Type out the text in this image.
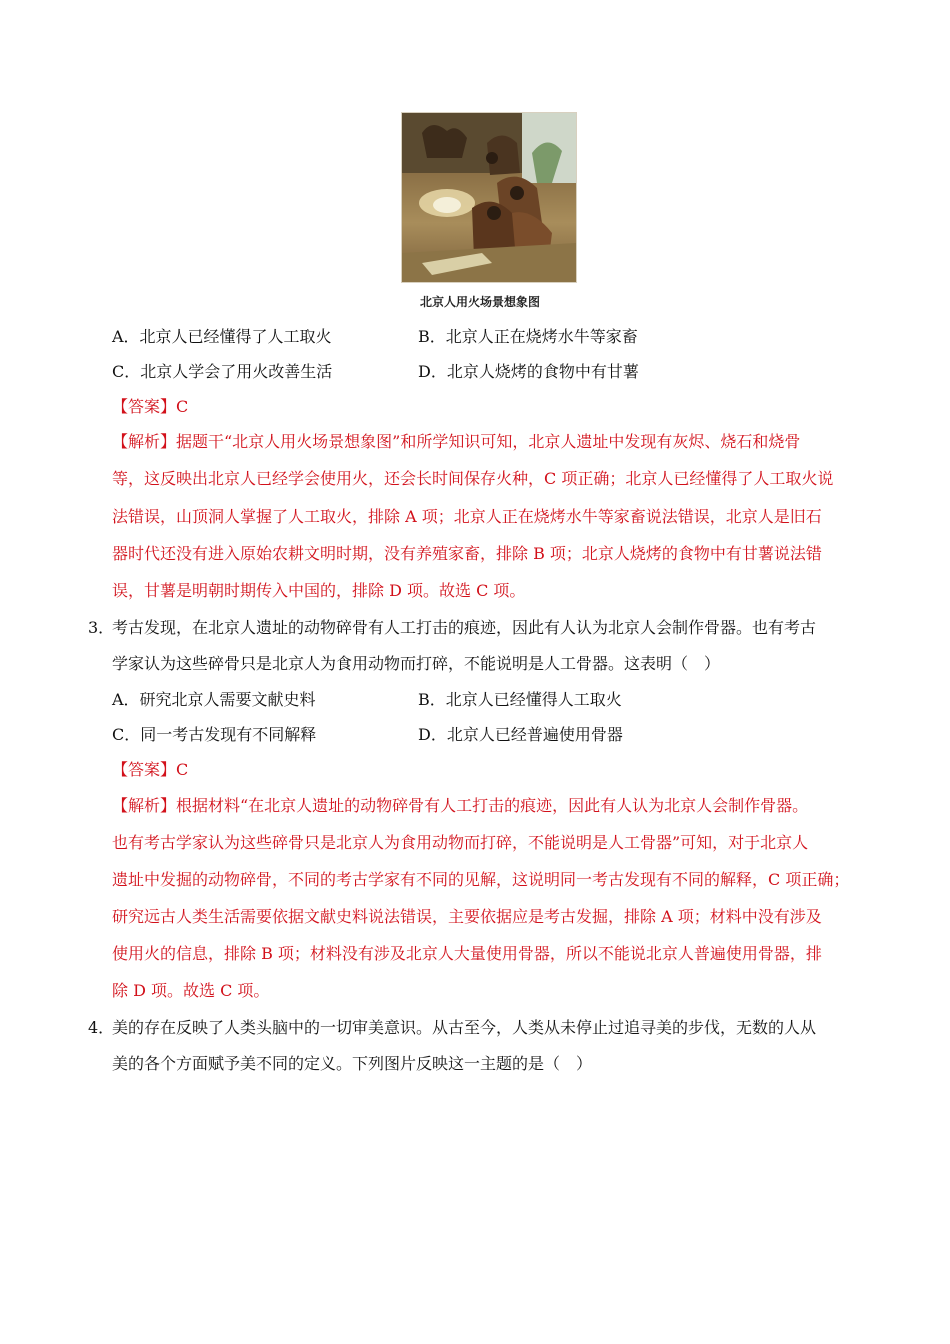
北京人用火场景想象图
A．北京人已经懂得了人工取火	B．北京人正在烧烤水牛等家畜
C．北京人学会了用火改善生活	D．北京人烧烤的食物中有甘薯
【答案】C
【解析】据题干“北京人用火场景想象图”和所学知识可知，北京人遗址中发现有灰烬、烧石和烧骨
等，这反映出北京人已经学会使用火，还会长时间保存火种，C 项正确；北京人已经懂得了人工取火说
法错误，山顶洞人掌握了人工取火，排除 A 项；北京人正在烧烤水牛等家畜说法错误，北京人是旧石
器时代还没有进入原始农耕文明时期，没有养殖家畜，排除 B 项；北京人烧烤的食物中有甘薯说法错
误，甘薯是明朝时期传入中国的，排除 D 项。故选 C 项。
3．
考古发现，在北京人遗址的动物碎骨有人工打击的痕迹，因此有人认为北京人会制作骨器。也有考古
学家认为这些碎骨只是北京人为食用动物而打碎，不能说明是人工骨器。这表明（　）
A．研究北京人需要文献史料	B．北京人已经懂得人工取火
C．同一考古发现有不同解释	D．北京人已经普遍使用骨器
【答案】C
【解析】根据材料“在北京人遗址的动物碎骨有人工打击的痕迹，因此有人认为北京人会制作骨器。
也有考古学家认为这些碎骨只是北京人为食用动物而打碎，不能说明是人工骨器”可知，对于北京人
遗址中发掘的动物碎骨，不同的考古学家有不同的见解，这说明同一考古发现有不同的解释，C 项正确；
研究远古人类生活需要依据文献史料说法错误，主要依据应是考古发掘，排除 A 项；材料中没有涉及
使用火的信息，排除 B 项；材料没有涉及北京人大量使用骨器，所以不能说北京人普遍使用骨器，排
除 D 项。故选 C 项。
4．
美的存在反映了人类头脑中的一切审美意识。从古至今，人类从未停止过追寻美的步伐，无数的人从
美的各个方面赋予美不同的定义。下列图片反映这一主题的是（　）
